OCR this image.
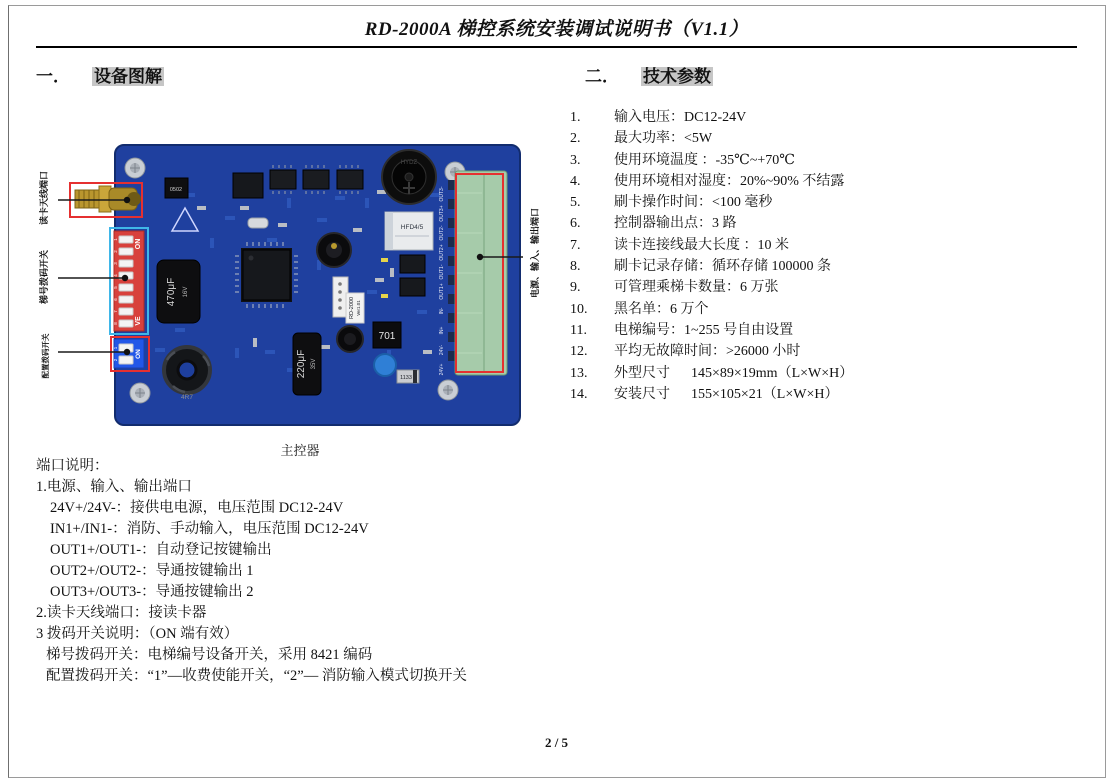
RD-2000A 梯控系统安装调试说明书（V1.1）
一． 设备图解	二． 技术参数
HYDZ
0502
HFD4/5
RD-2000 Ver1.01
470μF 16V
4R7
220μF 35V
701
1133
1
2
3
4
5
6
7
8
ON
VE
1
2
ON
OUT3-
OUT3+
OUT2-
OUT2+
OUT1-
OUT1+
IN-
IN+
24V-
24V+
读卡天线端口
梯号拨码开关
配置拨码开关
电源、输入、输出端口
主控器
1.	输入电压：DC12-24V
2.	最大功率：<5W
3.	使用环境温度 ：-35℃~+70℃
4.	使用环境相对湿度：20%~90% 不结露
5.	刷卡操作时间：<100 毫秒
6.	控制器输出点：3 路
7.	读卡连接线最大长度 ：10 米
8.	刷卡记录存储：循环存储 100000 条
9.	可管理乘梯卡数量：6 万张
10.	黑名单：6 万个
11.	电梯编号：1~255 号自由设置
12.	平均无故障时间：>26000 小时
13.	外型尺寸      145×89×19mm（L×W×H）
14.	安装尺寸      155×105×21（L×W×H）
端口说明：
1.电源、输入、输出端口
24V+/24V-：接供电电源，电压范围 DC12-24V
IN1+/IN1-：消防、手动输入，电压范围 DC12-24V
OUT1+/OUT1-：自动登记按键输出
OUT2+/OUT2-：导通按键输出 1
OUT3+/OUT3-：导通按键输出 2
2.读卡天线端口：接读卡器
3 拨码开关说明：（ON 端有效）
梯号拨码开关：电梯编号设备开关，采用 8421 编码
配置拨码开关：“1”—收费使能开关，“2”— 消防输入模式切换开关
2 / 5
